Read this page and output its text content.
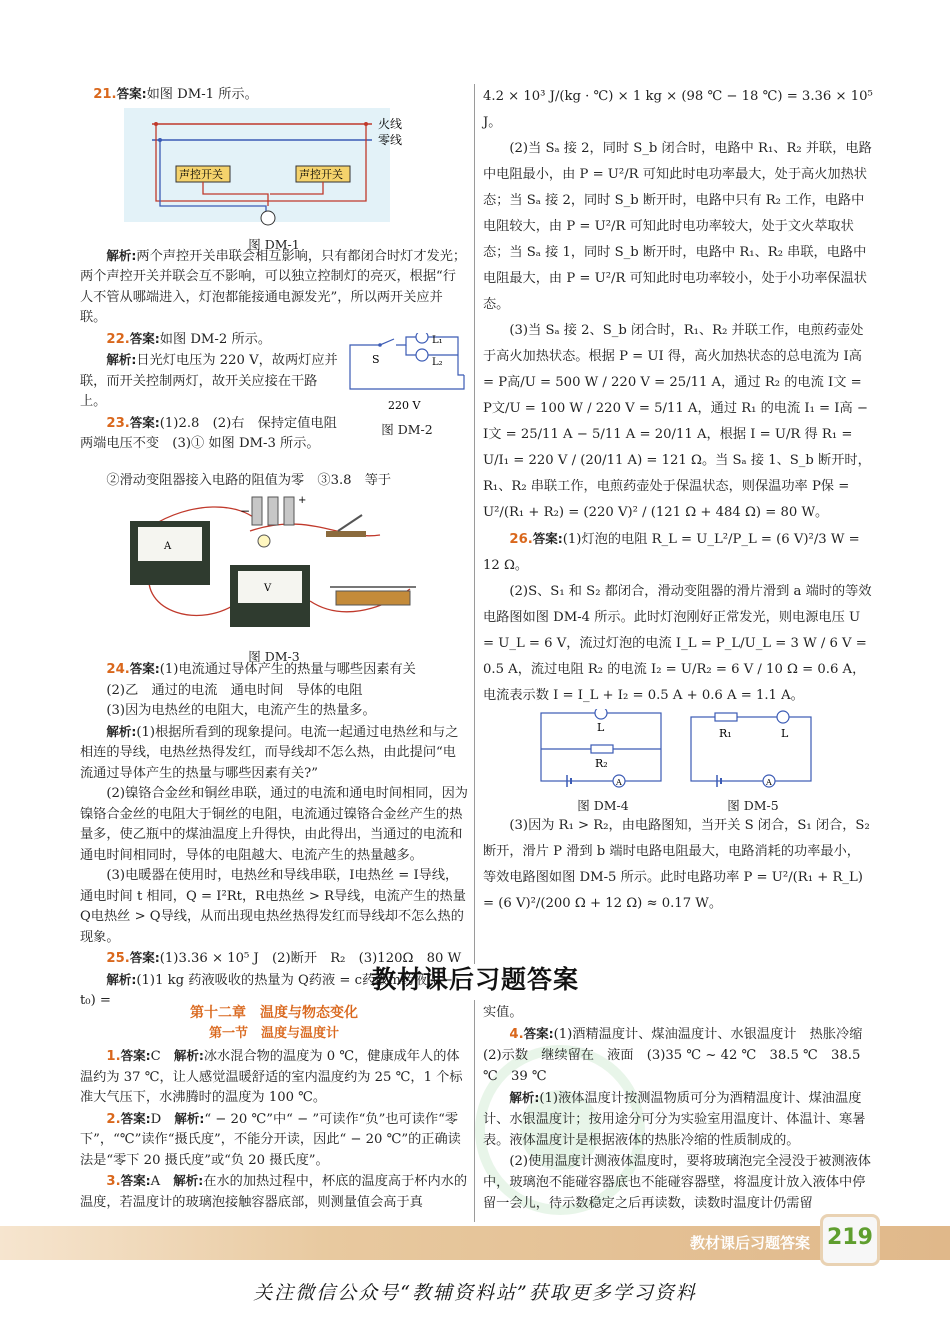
 21.答案:如图 DM-1 所示。

火线
零线
声控开关	声控开关
图 DM-1

解析:两个声控开关串联会相互影响，只有都闭合时灯才发光；两个声控开关并联会互不影响，可以独立控制灯的亮灭，根据“行人不管从哪端进入，灯泡都能接通电源发光”，所以两开关应并联。

22.答案:如图 DM-2 所示。

解析:日光灯电压为 220 V，故两灯应并联，而开关控制两灯，故开关应接在干路上。

23.答案:(1)2.8　(2)右　保持定值电阻两端电压不变　(3)① 如图 DM-3 所示。

S
L₁
L₂
220 V
图 DM-2

②滑动变阻器接入电路的阻值为零　③3.8　等于

A
+
−
V
图 DM-3

24.答案:(1)电流通过导体产生的热量与哪些因素有关

(2)乙　通过的电流　通电时间　导体的电阻

(3)因为电热丝的电阻大，电流产生的热量多。

解析:(1)根据所看到的现象提问。电流一起通过电热丝和与之相连的导线，电热丝热得发红，而导线却不怎么热，由此提问“电流通过导体产生的热量与哪些因素有关?”

(2)镍铬合金丝和铜丝串联，通过的电流和通电时间相同，因为镍铬合金丝的电阻大于铜丝的电阻，电流通过镍铬合金丝产生的热量多，使乙瓶中的煤油温度上升得快，由此得出，当通过的电流和通电时间相同时，导体的电阻越大、电流产生的热量越多。

(3)电暖器在使用时，电热丝和导线串联，I电热丝 = I导线，通电时间 t 相同，Q = I²Rt，R电热丝 > R导线，电流产生的热量 Q电热丝 > Q导线，从而出现电热丝热得发红而导线却不怎么热的现象。

25.答案:(1)3.36 × 10⁵ J　(2)断开　R₂　(3)120Ω　80 W

解析:(1)1 kg 药液吸收的热量为 Q药液 = c药液m药液(t − t₀) =

4.2 × 10³ J/(kg · ℃) × 1 kg × (98 ℃ − 18 ℃) = 3.36 × 10⁵ J。

(2)当 Sₐ 接 2，同时 S_b 闭合时，电路中 R₁、R₂ 并联，电路中电阻最小，由 P = U²/R 可知此时电功率最大，处于高火加热状态；当 Sₐ 接 2，同时 S_b 断开时，电路中只有 R₂ 工作，电路中电阻较大，由 P = U²/R 可知此时电功率较大，处于文火萃取状态；当 Sₐ 接 1，同时 S_b 断开时，电路中 R₁、R₂ 串联，电路中电阻最大，由 P = U²/R 可知此时电功率较小，处于小功率保温状态。

(3)当 Sₐ 接 2、S_b 闭合时，R₁、R₂ 并联工作，电煎药壶处于高火加热状态。根据 P = UI 得，高火加热状态的总电流为 I高 = P高/U = 500 W / 220 V = 25/11 A，通过 R₂ 的电流 I文 = P文/U = 100 W / 220 V = 5/11 A，通过 R₁ 的电流 I₁ = I高 − I文 = 25/11 A − 5/11 A = 20/11 A，根据 I = U/R 得 R₁ = U/I₁ = 220 V / (20/11 A) = 121 Ω。当 Sₐ 接 1、S_b 断开时，R₁、R₂ 串联工作，电煎药壶处于保温状态，则保温功率 P保 = U²/(R₁ + R₂) = (220 V)² / (121 Ω + 484 Ω) = 80 W。

26.答案:(1)灯泡的电阻 R_L = U_L²/P_L = (6 V)²/3 W = 12 Ω。

(2)S、S₁ 和 S₂ 都闭合，滑动变阻器的滑片滑到 a 端时的等效电路图如图 DM-4 所示。此时灯泡刚好正常发光，则电源电压 U = U_L = 6 V，流过灯泡的电流 I_L = P_L/U_L = 3 W / 6 V = 0.5 A，流过电阻 R₂ 的电流 I₂ = U/R₂ = 6 V / 10 Ω = 0.6 A，电流表示数 I = I_L + I₂ = 0.5 A + 0.6 A = 1.1 A。

L
R₂
A
R₁	L
A
图 DM-4	图 DM-5

(3)因为 R₁ > R₂，由电路图知，当开关 S 闭合，S₁ 闭合，S₂ 断开，滑片 P 滑到 b 端时电路电阻最大，电路消耗的功率最小，等效电路图如图 DM-5 所示。此时电路功率 P = U²/(R₁ + R_L) = (6 V)²/(200 Ω + 12 Ω) ≈ 0.17 W。

教材课后习题答案

第十二章　温度与物态变化

第一节　温度与温度计

1.答案:C  解析:冰水混合物的温度为 0 ℃，健康成年人的体温约为 37 ℃，让人感觉温暖舒适的室内温度约为 25 ℃，1 个标准大气压下，水沸腾时的温度为 100 ℃。

2.答案:D  解析:“ − 20 ℃”中“ − ”可读作“负”也可读作“零下”，“℃”读作“摄氏度”，不能分开读，因此“ − 20 ℃”的正确读法是“零下 20 摄氏度”或“负 20 摄氏度”。

3.答案:A  解析:在水的加热过程中，杯底的温度高于杯内水的温度，若温度计的玻璃泡接触容器底部，则测量值会高于真

实值。

4.答案:(1)酒精温度计、煤油温度计、水银温度计　热胀冷缩　(2)示数　继续留在　液面　(3)35 ℃ ~ 42 ℃　38.5 ℃　38.5 ℃　39 ℃

解析:(1)液体温度计按测温物质可分为酒精温度计、煤油温度计、水银温度计；按用途分可分为实验室用温度计、体温计、寒暑表。液体温度计是根据液体的热胀冷缩的性质制成的。

(2)使用温度计测液体温度时，要将玻璃泡完全浸没于被测液体中，玻璃泡不能碰容器底也不能碰容器壁，将温度计放入液体中停留一会儿，待示数稳定之后再读数，读数时温度计仍需留

教材课后习题答案 219
关注微信公众号“教辅资料站”获取更多学习资料
